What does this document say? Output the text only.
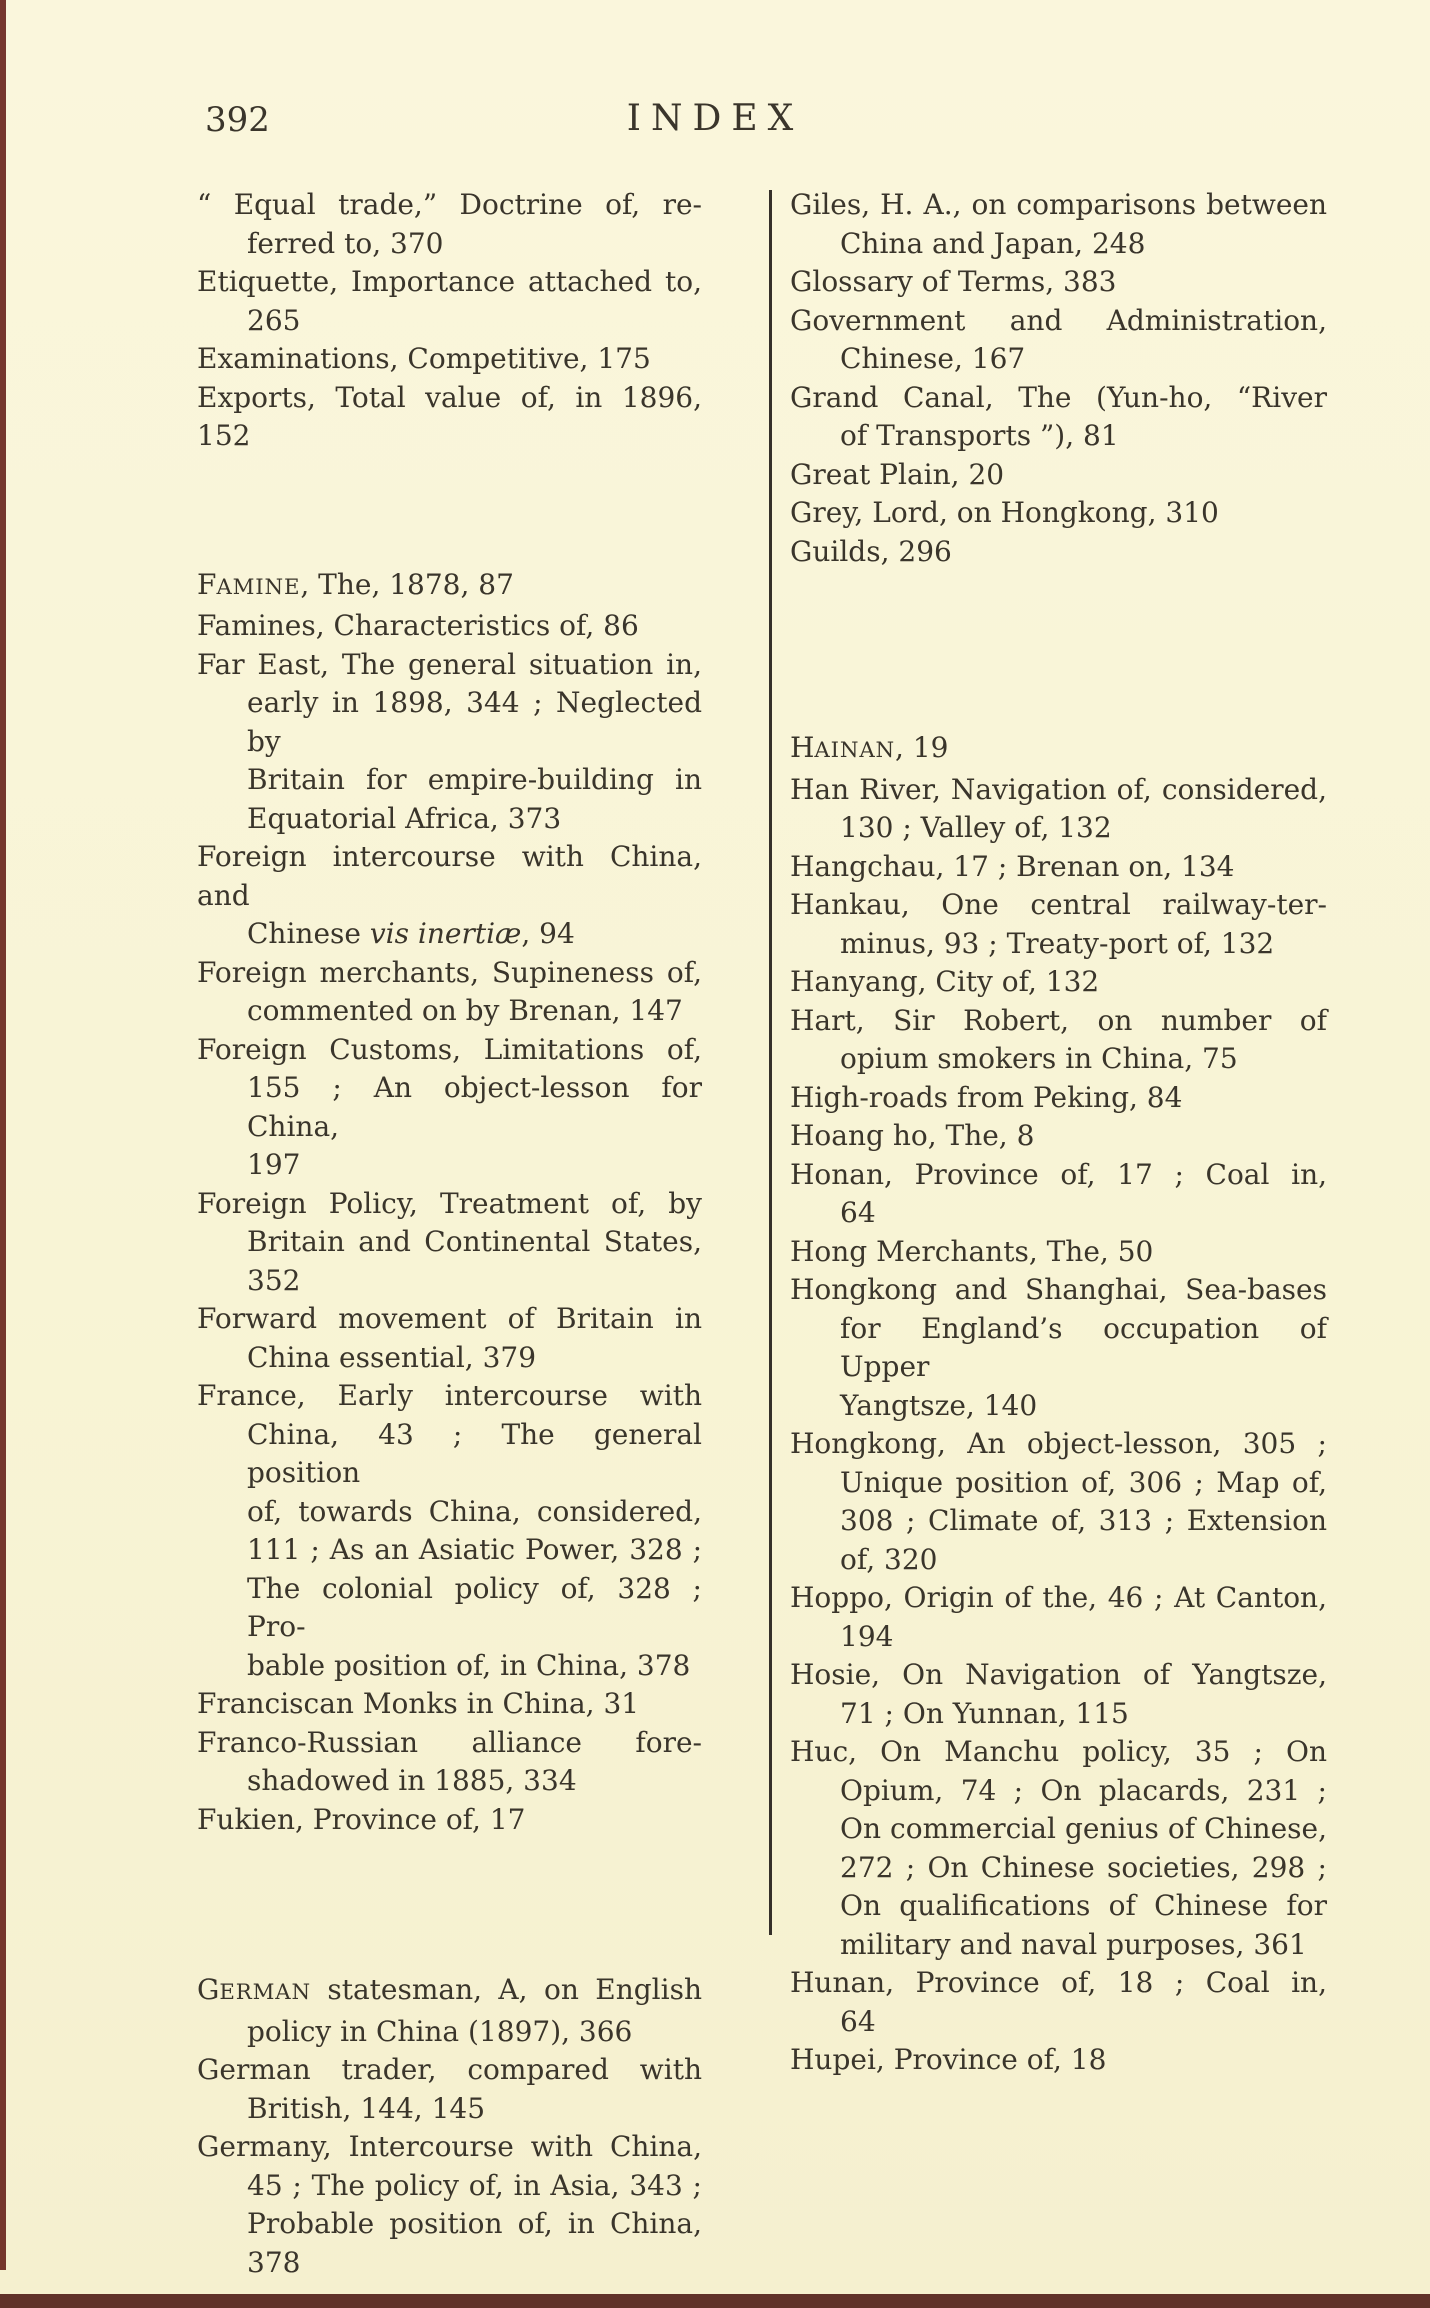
392	INDEX

“ Equal trade,” Doctrine of, re-
ferred to, 370

Etiquette, Importance attached to,
265

Examinations, Competitive, 175

Exports, Total value of, in 1896, 152

FAMINE, The, 1878, 87

Famines, Characteristics of, 86

Far East, The general situation in,
early in 1898, 344 ; Neglected by
Britain for empire-building in
Equatorial Africa, 373

Foreign intercourse with China, and
Chinese vis inertiæ, 94

Foreign merchants, Supineness of,
commented on by Brenan, 147

Foreign Customs, Limitations of,
155 ; An object-lesson for China,
197

Foreign Policy, Treatment of, by
Britain and Continental States,
352

Forward movement of Britain in
China essential, 379

France, Early intercourse with
China, 43 ; The general position
of, towards China, considered,
111 ; As an Asiatic Power, 328 ;
The colonial policy of, 328 ; Pro-
bable position of, in China, 378

Franciscan Monks in China, 31

Franco-Russian alliance fore-
shadowed in 1885, 334

Fukien, Province of, 17

GERMAN statesman, A, on English
policy in China (1897), 366

German trader, compared with
British, 144, 145

Germany, Intercourse with China,
45 ; The policy of, in Asia, 343 ;
Probable position of, in China,
378

Giles, H. A., on comparisons between
China and Japan, 248

Glossary of Terms, 383

Government and Administration,
Chinese, 167

Grand Canal, The (Yun-ho, “River
of Transports ”), 81

Great Plain, 20

Grey, Lord, on Hongkong, 310

Guilds, 296

HAINAN, 19

Han River, Navigation of, considered,
130 ; Valley of, 132

Hangchau, 17 ; Brenan on, 134

Hankau, One central railway-ter-
minus, 93 ; Treaty-port of, 132

Hanyang, City of, 132

Hart, Sir Robert, on number of
opium smokers in China, 75

High-roads from Peking, 84

Hoang ho, The, 8

Honan, Province of, 17 ; Coal in,
64

Hong Merchants, The, 50

Hongkong and Shanghai, Sea-bases
for England’s occupation of Upper
Yangtsze, 140

Hongkong, An object-lesson, 305 ;
Unique position of, 306 ; Map of,
308 ; Climate of, 313 ; Extension
of, 320

Hoppo, Origin of the, 46 ; At Canton,
194

Hosie, On Navigation of Yangtsze,
71 ; On Yunnan, 115

Huc, On Manchu policy, 35 ; On
Opium, 74 ; On placards, 231 ;
On commercial genius of Chinese,
272 ; On Chinese societies, 298 ;
On qualifications of Chinese for
military and naval purposes, 361

Hunan, Province of, 18 ; Coal in,
64

Hupei, Province of, 18
